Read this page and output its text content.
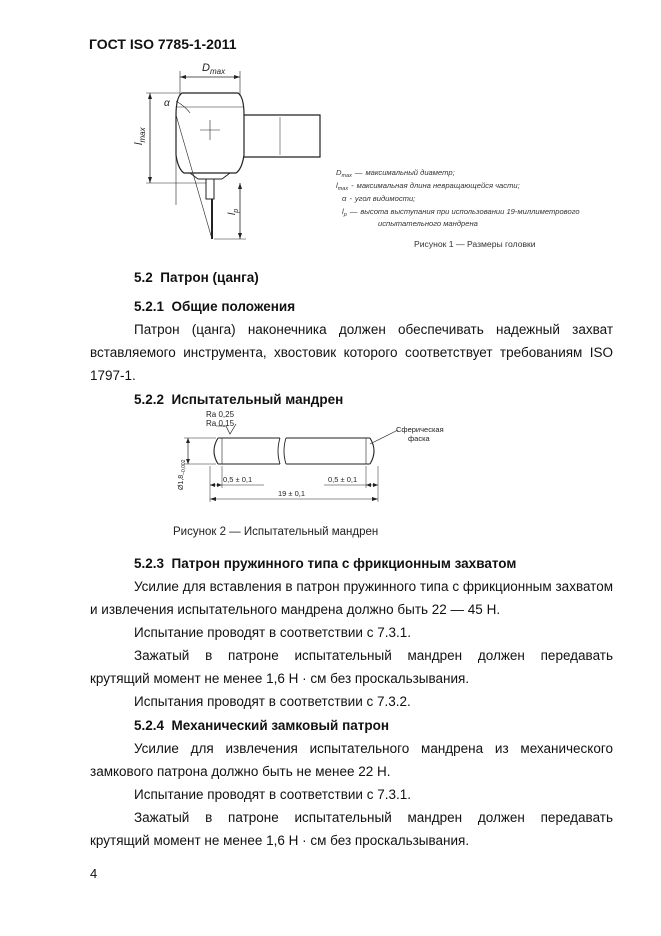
ГОСТ ISO 7785-1-2011
$D_{max}$
$l_{max}$
α
$l_p$
$D_{max}$ — максимальный диаметр;
$l_{max}$ - максимальная длина невращающейся части;
α - угол видимости;
$l_p$ — высота выступания при использовании 19-миллиметрового
испытательного мандрена
Рисунок 1 — Размеры головки
5.2 Патрон (цанга)
5.2.1 Общие положения
Патрон (цанга) наконечника должен обеспечивать надежный захват
вставляемого инструмента, хвостовик которого соответствует требованиям ISO
1797-1.
5.2.2 Испытательный мандрен
Ra 0,25
Ra 0,15
Сферическая
фаска
$Ø1,8_{-0,002}$
0,5 ± 0,1	0,5 ± 0,1
19 ± 0,1
Рисунок 2 — Испытательный мандрен
5.2.3 Патрон пружинного типа с фрикционным захватом
Усилие для вставления в патрон пружинного типа с фрикционным захватом
и извлечения испытательного мандрена должно быть 22 — 45 Н.
Испытание проводят в соответствии с 7.3.1.
Зажатый в патроне испытательный мандрен должен передавать
крутящий момент не менее 1,6 Н · см без проскальзывания.
Испытания проводят в соответствии с 7.3.2.
5.2.4 Механический замковый патрон
Усилие для извлечения испытательного мандрена из механического
замкового патрона должно быть не менее 22 Н.
Испытание проводят в соответствии с 7.3.1.
Зажатый в патроне испытательный мандрен должен передавать
крутящий момент не менее 1,6 Н · см без проскальзывания.
4
